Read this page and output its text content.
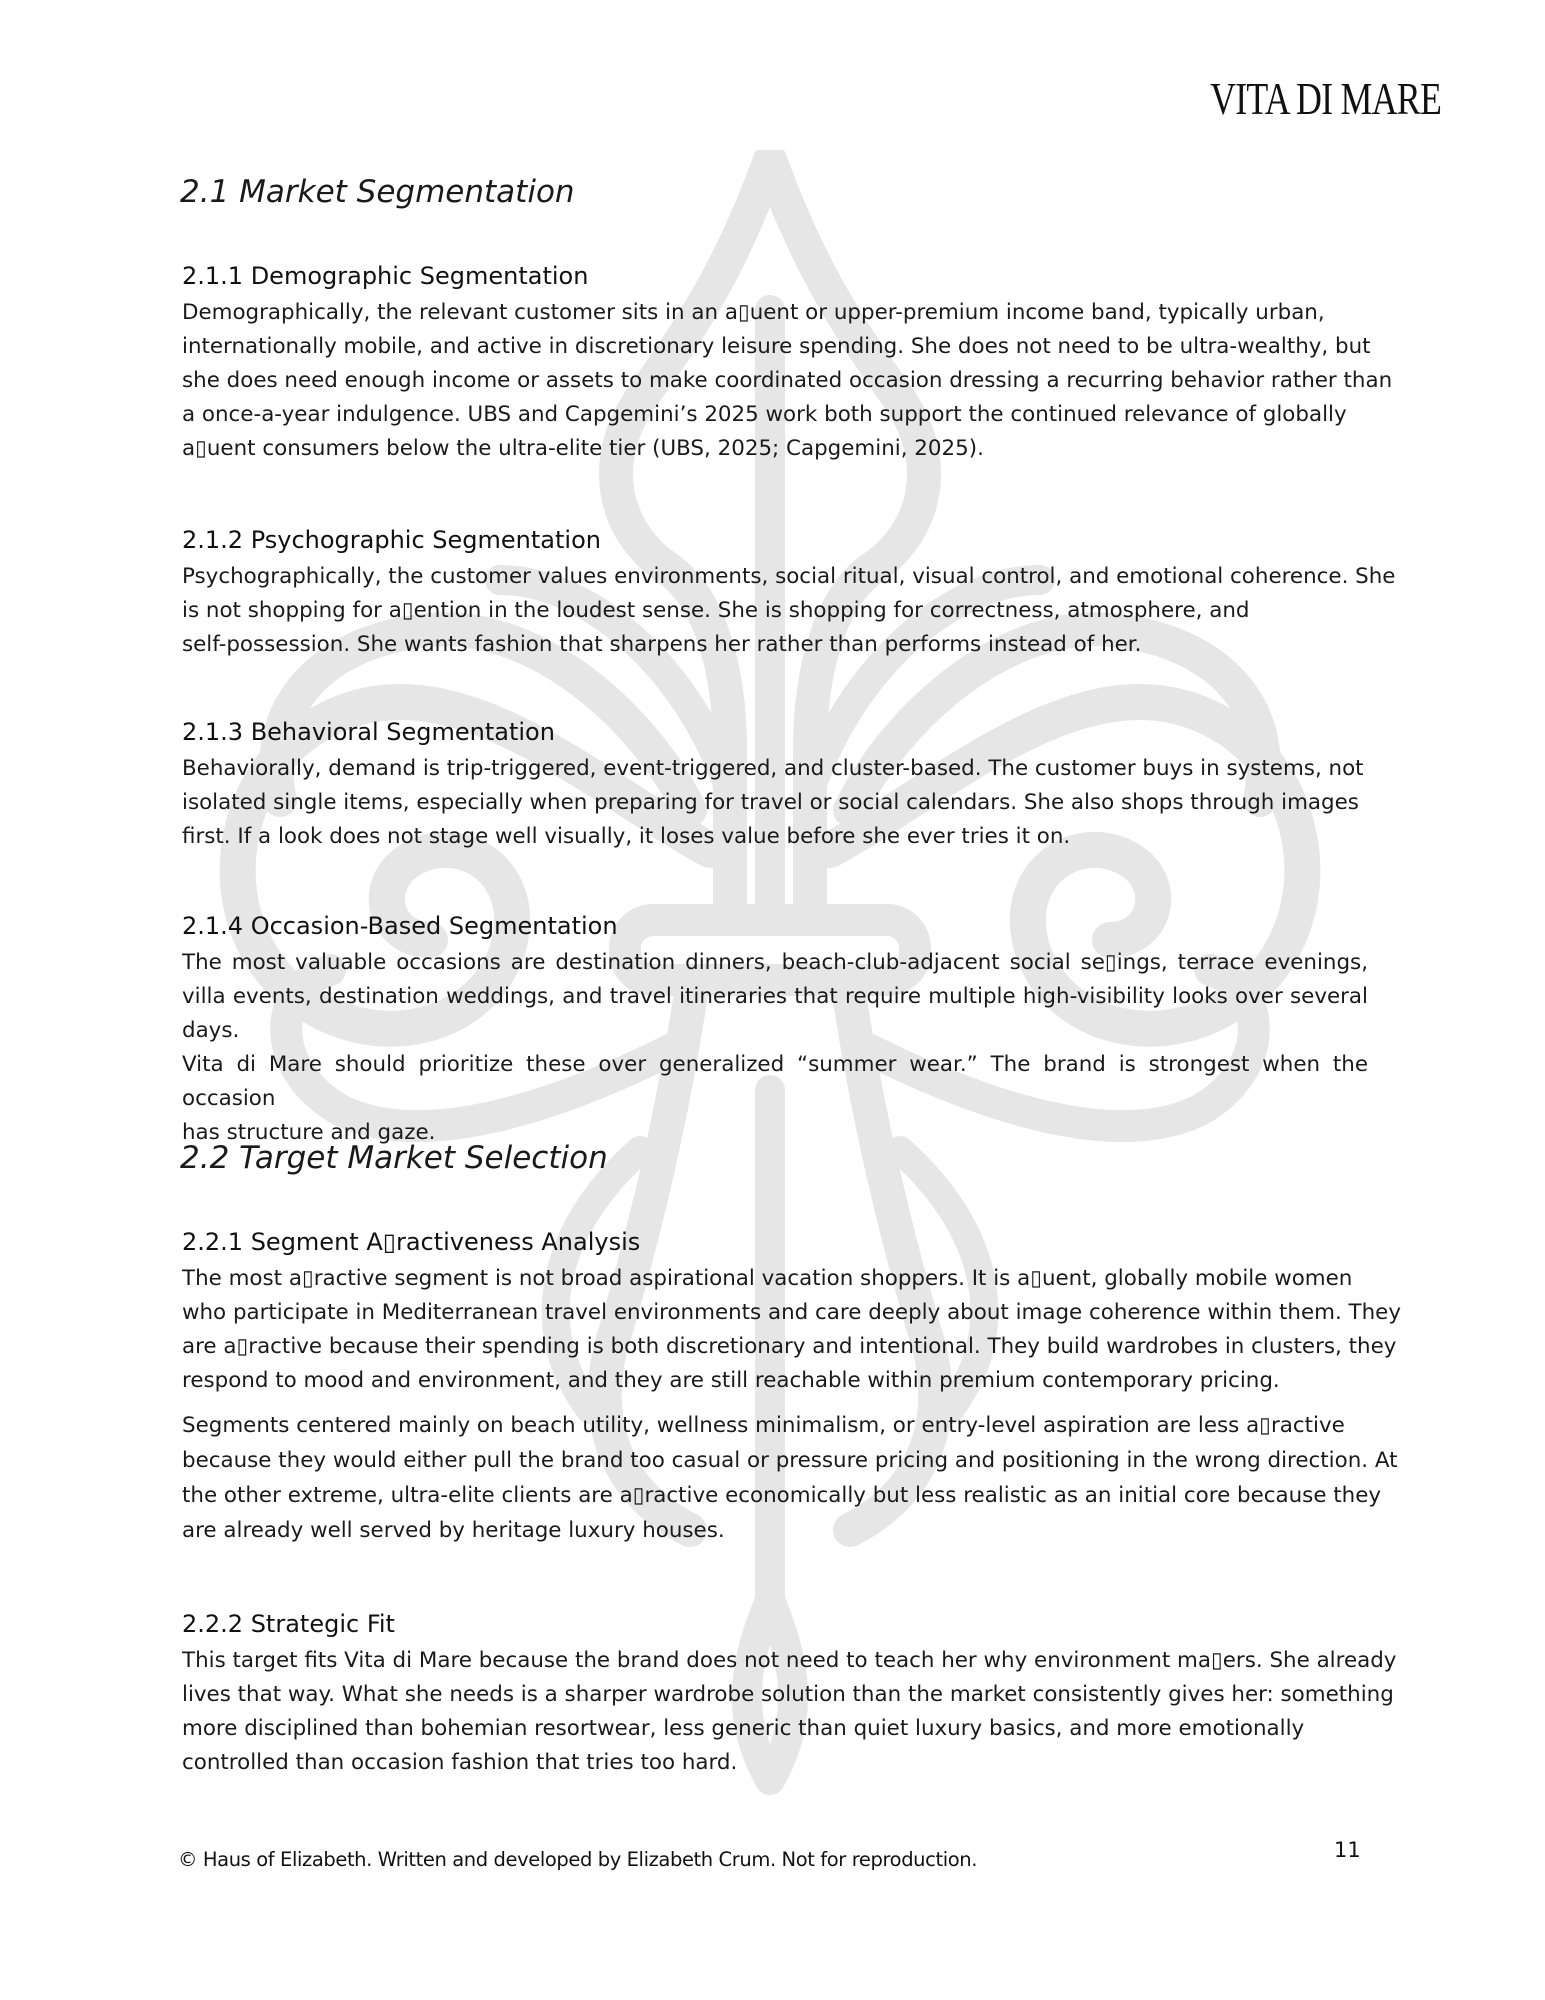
VITA DI MARE
2.1 Market Segmentation
2.1.1 Demographic Segmentation
Demographically, the relevant customer sits in an a▯uent or upper-premium income band, typically urban,
internationally mobile, and active in discretionary leisure spending. She does not need to be ultra-wealthy, but
she does need enough income or assets to make coordinated occasion dressing a recurring behavior rather than
a once-a-year indulgence. UBS and Capgemini’s 2025 work both support the continued relevance of globally
a▯uent consumers below the ultra-elite tier (UBS, 2025; Capgemini, 2025).
2.1.2 Psychographic Segmentation
Psychographically, the customer values environments, social ritual, visual control, and emotional coherence. She
is not shopping for a▯ention in the loudest sense. She is shopping for correctness, atmosphere, and
self-possession. She wants fashion that sharpens her rather than performs instead of her.
2.1.3 Behavioral Segmentation
Behaviorally, demand is trip-triggered, event-triggered, and cluster-based. The customer buys in systems, not
isolated single items, especially when preparing for travel or social calendars. She also shops through images
first. If a look does not stage well visually, it loses value before she ever tries it on.
2.1.4 Occasion-Based Segmentation
The most valuable occasions are destination dinners, beach-club-adjacent social se▯ings, terrace evenings,
villa events, destination weddings, and travel itineraries that require multiple high-visibility looks over several
days.
Vita di Mare should prioritize these over generalized “summer wear.” The brand is strongest when the
occasion
has structure and gaze.
2.2 Target Market Selection
2.2.1 Segment A▯ractiveness Analysis
The most a▯ractive segment is not broad aspirational vacation shoppers. It is a▯uent, globally mobile women
who participate in Mediterranean travel environments and care deeply about image coherence within them. They
are a▯ractive because their spending is both discretionary and intentional. They build wardrobes in clusters, they
respond to mood and environment, and they are still reachable within premium contemporary pricing.
Segments centered mainly on beach utility, wellness minimalism, or entry-level aspiration are less a▯ractive
because they would either pull the brand too casual or pressure pricing and positioning in the wrong direction. At
the other extreme, ultra-elite clients are a▯ractive economically but less realistic as an initial core because they
are already well served by heritage luxury houses.
2.2.2 Strategic Fit
This target fits Vita di Mare because the brand does not need to teach her why environment ma▯ers. She already
lives that way. What she needs is a sharper wardrobe solution than the market consistently gives her: something
more disciplined than bohemian resortwear, less generic than quiet luxury basics, and more emotionally
controlled than occasion fashion that tries too hard.
© Haus of Elizabeth. Written and developed by Elizabeth Crum. Not for reproduction.	11
